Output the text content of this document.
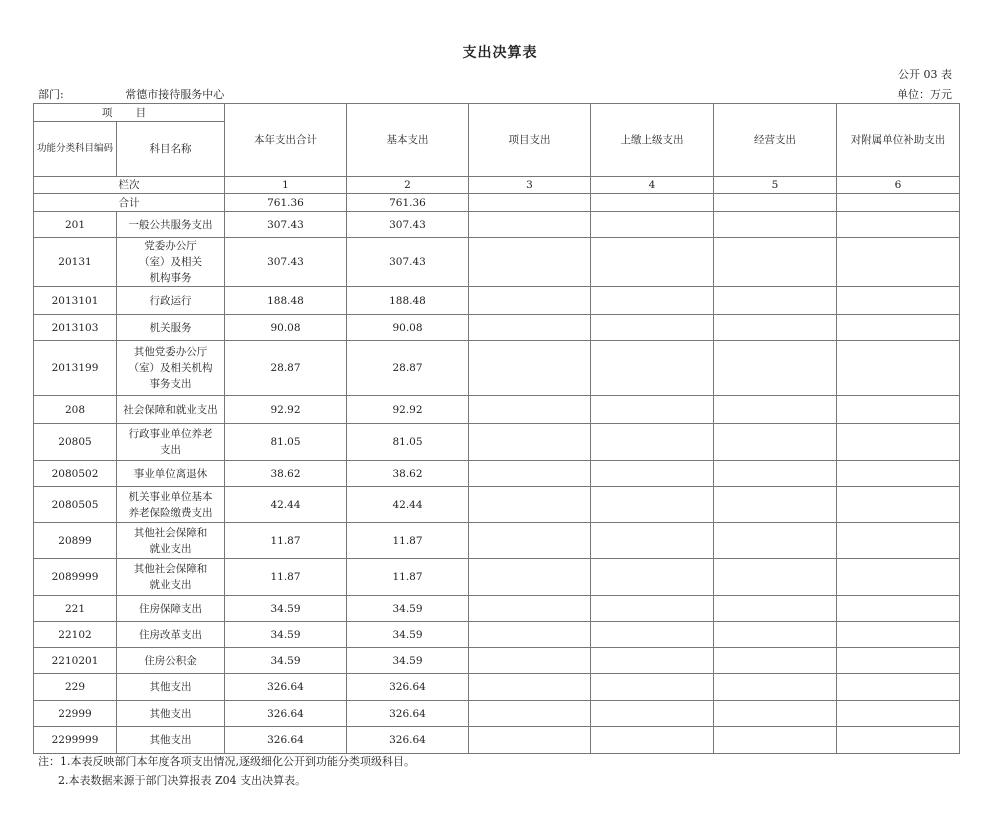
支出决算表
公开 03 表
部门:	常德市接待服务中心	单位：万元
项 目		本年支出合计	基本支出	项目支出	上缴上级支出	经营支出	对附属单位补助支出
功能分类科目编码	科目名称						
栏次		1	2	3	4	5	6
合计		761.36	761.36				
201	一般公共服务支出	307.43	307.43				
20131	党委办公厅（室）及相关机构事务	307.43	307.43				
2013101	行政运行	188.48	188.48				
2013103	机关服务	90.08	90.08				
2013199	其他党委办公厅（室）及相关机构事务支出	28.87	28.87				
208	社会保障和就业支出	92.92	92.92				
20805	行政事业单位养老支出	81.05	81.05				
2080502	事业单位离退休	38.62	38.62				
2080505	机关事业单位基本养老保险缴费支出	42.44	42.44				
20899	其他社会保障和就业支出	11.87	11.87				
2089999	其他社会保障和就业支出	11.87	11.87				
221	住房保障支出	34.59	34.59				
22102	住房改革支出	34.59	34.59				
2210201	住房公积金	34.59	34.59				
229	其他支出	326.64	326.64				
22999	其他支出	326.64	326.64				
2299999	其他支出	326.64	326.64				
注：1.本表反映部门本年度各项支出情况,逐级细化公开到功能分类项级科目。
2.本表数据来源于部门决算报表 Z04 支出决算表。
